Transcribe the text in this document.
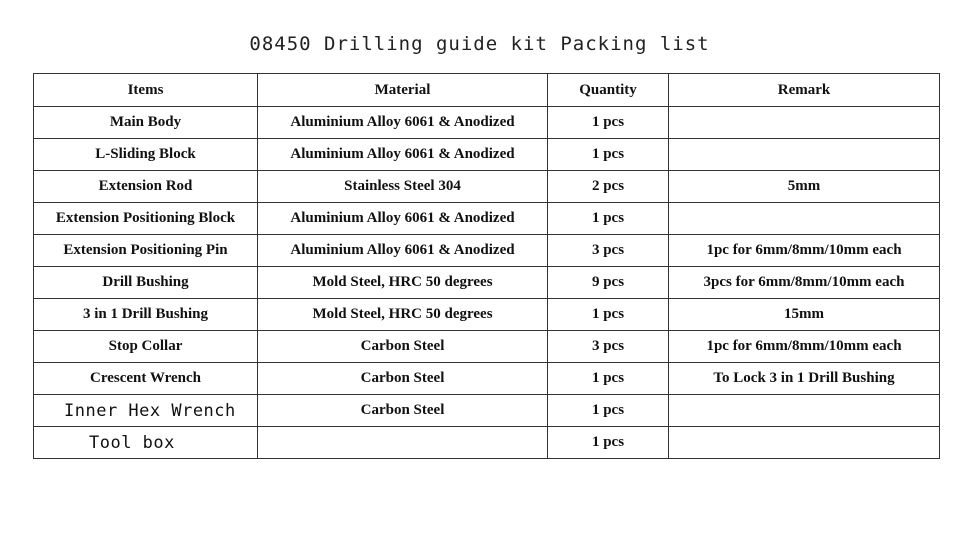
08450 Drilling guide kit Packing list
Items	Material	Quantity	Remark
Main Body	Aluminium Alloy 6061 & Anodized	1 pcs	
L-Sliding Block	Aluminium Alloy 6061 & Anodized	1 pcs	
Extension Rod	Stainless Steel 304	2 pcs	5mm
Extension Positioning Block	Aluminium Alloy 6061 & Anodized	1 pcs	
Extension Positioning Pin	Aluminium Alloy 6061 & Anodized	3 pcs	1pc for 6mm/8mm/10mm each
Drill Bushing	Mold Steel, HRC 50 degrees	9 pcs	3pcs for 6mm/8mm/10mm each
3 in 1 Drill Bushing	Mold Steel, HRC 50 degrees	1 pcs	15mm
Stop Collar	Carbon Steel	3 pcs	1pc for 6mm/8mm/10mm each
Crescent Wrench	Carbon Steel	1 pcs	To Lock 3 in 1 Drill Bushing
Inner Hex Wrench	Carbon Steel	1 pcs	
Tool box		1 pcs	
